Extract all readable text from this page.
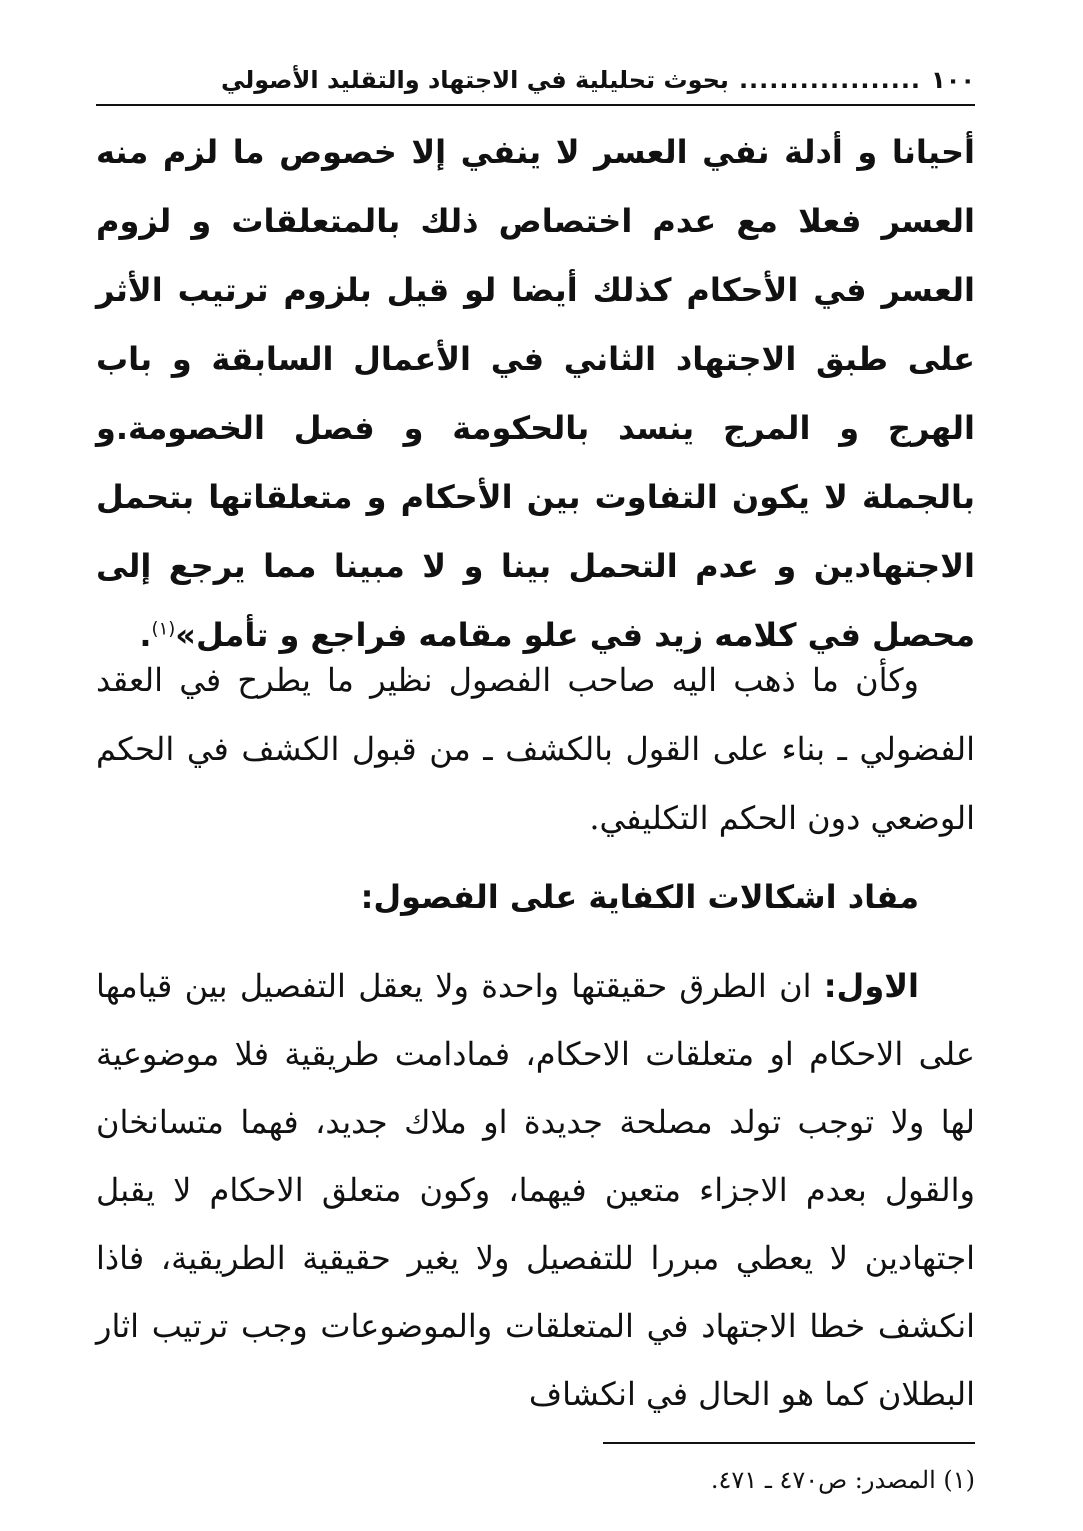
١٠٠
..................
بحوث تحليلية في الاجتهاد والتقليد الأصولي
أحيانا و أدلة نفي العسر لا ينفي إلا خصوص ما لزم منه العسر فعلا مع عدم اختصاص ذلك بالمتعلقات و لزوم العسر في الأحكام كذلك أيضا لو قيل بلزوم ترتيب الأثر على طبق الاجتهاد الثاني في الأعمال السابقة و باب الهرج و المرج ينسد بالحكومة و فصل الخصومة.و بالجملة لا يكون التفاوت بين الأحكام و متعلقاتها بتحمل الاجتهادين و عدم التحمل بينا و لا مبينا مما يرجع إلى محصل في كلامه زيد في علو مقامه فراجع و تأمل»$^{(١)}$.
وكأن ما ذهب اليه صاحب الفصول نظير ما يطرح في العقد الفضولي ـ بناء على القول بالكشف ـ من قبول الكشف في الحكم الوضعي دون الحكم التكليفي.
مفاد اشكالات الكفاية على الفصول:
الاول: ان الطرق حقيقتها واحدة ولا يعقل التفصيل بين قيامها على الاحكام او متعلقات الاحكام، فمادامت طريقية فلا موضوعية لها ولا توجب تولد مصلحة جديدة او ملاك جديد، فهما متسانخان والقول بعدم الاجزاء متعين فيهما، وكون متعلق الاحكام لا يقبل اجتهادين لا يعطي مبررا للتفصيل ولا يغير حقيقية الطريقية، فاذا انكشف خطا الاجتهاد في المتعلقات والموضوعات وجب ترتيب اثار البطلان كما هو الحال في انكشاف
(١) المصدر: ص٤٧٠ ـ ٤٧١.
